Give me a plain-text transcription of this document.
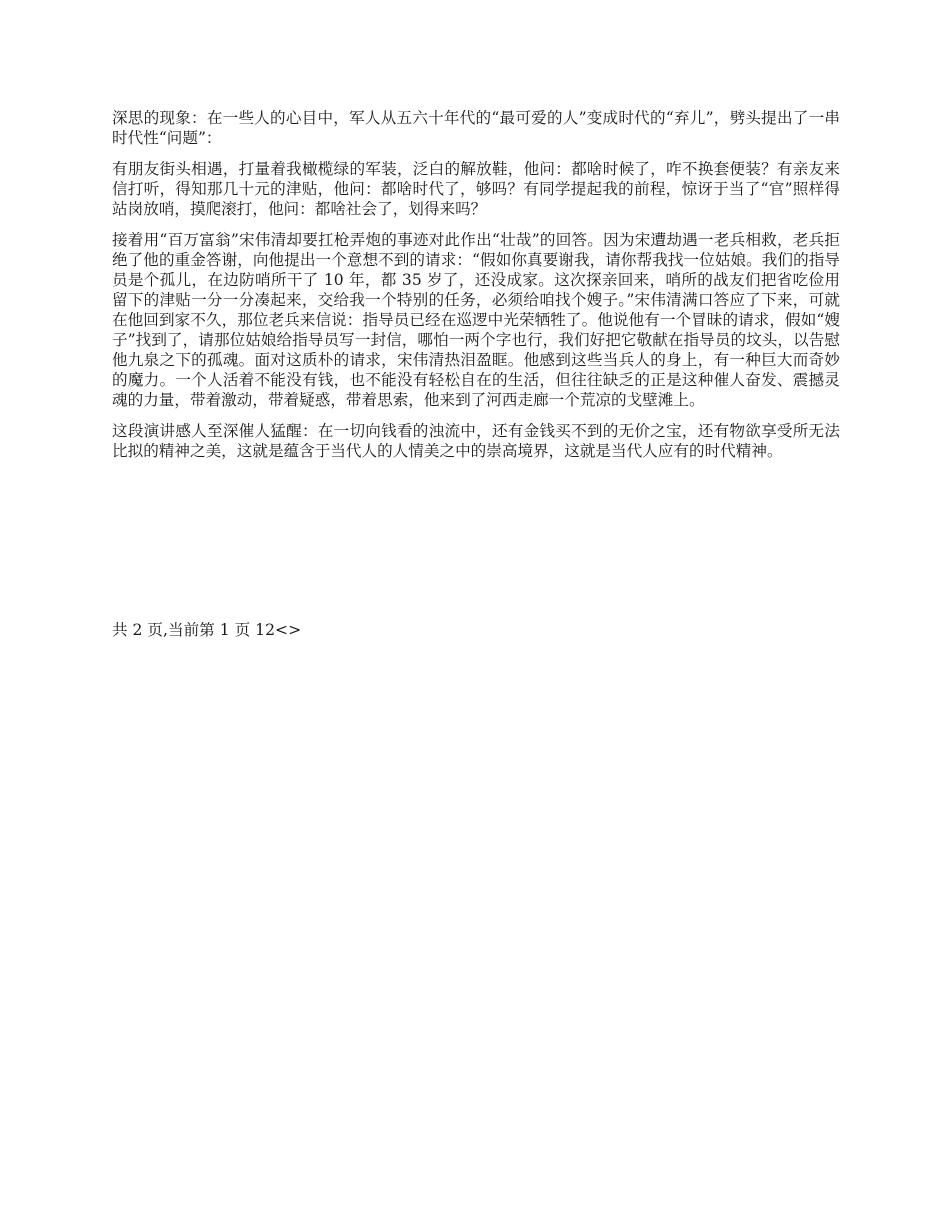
深思的现象：在一些人的心目中，军人从五六十年代的“最可爱的人”变成时代的“弃儿”，劈头提出了一串时代性“问题”：

有朋友街头相遇，打量着我橄榄绿的军装，泛白的解放鞋，他问：都啥时候了，咋不换套便装？有亲友来信打听，得知那几十元的津贴，他问：都啥时代了，够吗？有同学提起我的前程，惊讶于当了“官”照样得站岗放哨，摸爬滚打，他问：都啥社会了，划得来吗？

接着用“百万富翁”宋伟清却要扛枪弄炮的事迹对此作出“壮哉”的回答。因为宋遭劫遇一老兵相救，老兵拒绝了他的重金答谢，向他提出一个意想不到的请求：“假如你真要谢我，请你帮我找一位姑娘。我们的指导员是个孤儿，在边防哨所干了 10 年，都 35 岁了，还没成家。这次探亲回来，哨所的战友们把省吃俭用留下的津贴一分一分凑起来，交给我一个特别的任务，必须给咱找个嫂子。”宋伟清满口答应了下来，可就在他回到家不久，那位老兵来信说：指导员已经在巡逻中光荣牺牲了。他说他有一个冒昧的请求，假如“嫂子”找到了，请那位姑娘给指导员写一封信，哪怕一两个字也行，我们好把它敬献在指导员的坟头，以告慰他九泉之下的孤魂。面对这质朴的请求，宋伟清热泪盈眶。他感到这些当兵人的身上，有一种巨大而奇妙的魔力。一个人活着不能没有钱，也不能没有轻松自在的生活，但往往缺乏的正是这种催人奋发、震撼灵魂的力量，带着激动，带着疑惑，带着思索，他来到了河西走廊一个荒凉的戈壁滩上。

这段演讲感人至深催人猛醒：在一切向钱看的浊流中，还有金钱买不到的无价之宝，还有物欲享受所无法比拟的精神之美，这就是蕴含于当代人的人情美之中的崇高境界，这就是当代人应有的时代精神。

共 2 页,当前第 1 页 12<>
